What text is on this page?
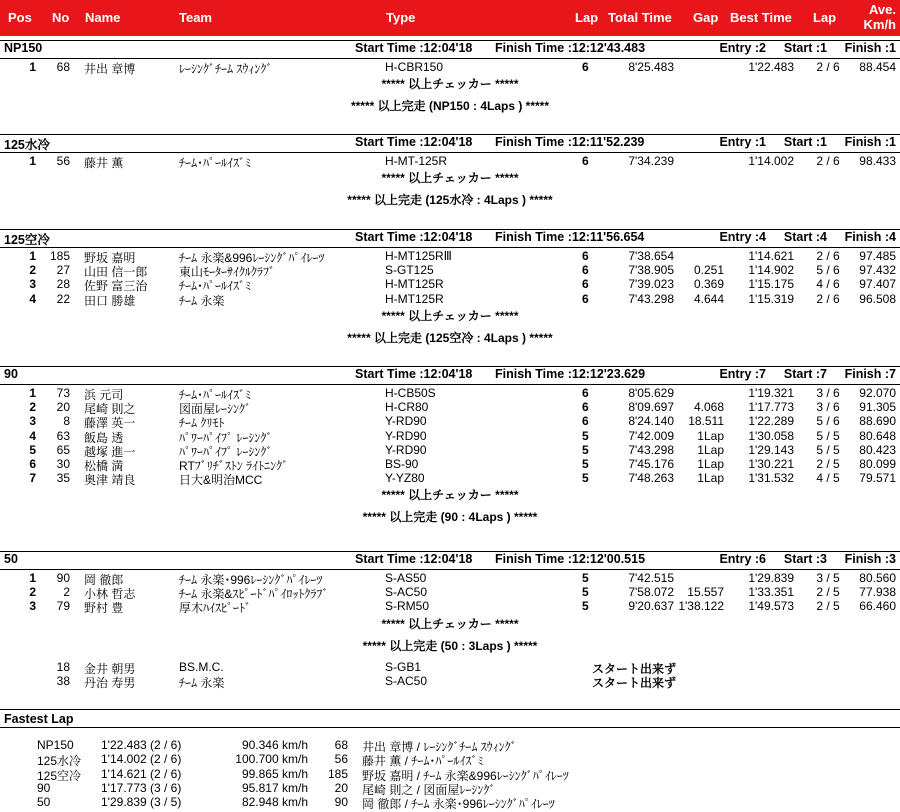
Pos No Name	Team	Type	Lap Total Time Gap Best Time Lap
Ave.
Km/h
NP150	Start Time :12:04'18 Finish Time :12:12'43.483	Entry :2 Start :1 Finish :1
1	68 井出 章博	ﾚｰｼﾝｸﾞﾁｰﾑ ｽｳｨﾝｸﾞ	H-CBR150	6	8'25.483	1'22.483	2 / 6	88.454
***** 以上チェッカー *****
***** 以上完走 (NP150 : 4Laps ) *****
125水冷	Start Time :12:04'18 Finish Time :12:11'52.239	Entry :1 Start :1 Finish :1
1	56 藤井 薫	ﾁｰﾑ･ﾊﾟｰﾙｲｽﾞﾐ	H-MT-125R	6	7'34.239	1'14.002	2 / 6	98.433
***** 以上チェッカー *****
***** 以上完走 (125水冷 : 4Laps ) *****
125空冷	Start Time :12:04'18 Finish Time :12:11'56.654	Entry :4 Start :4 Finish :4
1	185 野坂 嘉明	ﾁｰﾑ 永楽&996ﾚｰｼﾝｸﾞﾊﾟｲﾚｰﾂ	H-MT125RⅢ	6	7'38.654	1'14.621	2 / 6	97.485
2	27 山田 信一郎	東山ﾓｰﾀｰｻｲｸﾙｸﾗﾌﾞ	S-GT125	6	7'38.905	0.251	1'14.902	5 / 6	97.432
3	28 佐野 富三治	ﾁｰﾑ･ﾊﾟｰﾙｲｽﾞﾐ	H-MT125R	6	7'39.023	0.369	1'15.175	4 / 6	97.407
4	22 田口 勝雄	ﾁｰﾑ 永楽	H-MT125R	6	7'43.298	4.644	1'15.319	2 / 6	96.508
***** 以上チェッカー *****
***** 以上完走 (125空冷 : 4Laps ) *****
90	Start Time :12:04'18 Finish Time :12:12'23.629	Entry :7 Start :7 Finish :7
1	73 浜 元司	ﾁｰﾑ･ﾊﾟｰﾙｲｽﾞﾐ	H-CB50S	6	8'05.629	1'19.321	3 / 6	92.070
2	20 尾崎 則之	図面屋ﾚｰｼﾝｸﾞ	H-CR80	6	8'09.697	4.068	1'17.773	3 / 6	91.305
3	8 藤澤 英一	ﾁｰﾑ ｸﾘﾓﾄ	Y-RD90	6	8'24.140	18.511	1'22.289	5 / 6	88.690
4	63 飯島 透	ﾊﾟﾜｰﾊﾟｲﾌﾟ ﾚｰｼﾝｸﾞ	Y-RD90	5	7'42.009	1Lap	1'30.058	5 / 5	80.648
5	65 越塚 進一	ﾊﾟﾜｰﾊﾟｲﾌﾟ ﾚｰｼﾝｸﾞ	Y-RD90	5	7'43.298	1Lap	1'29.143	5 / 5	80.423
6	30 松橋 満	RTﾌﾞﾘﾁﾞｽﾄﾝ ﾗｲﾄﾆﾝｸﾞ	BS-90	5	7'45.176	1Lap	1'30.221	2 / 5	80.099
7	35 奥津 靖良	日大&明治MCC	Y-YZ80	5	7'48.263	1Lap	1'31.532	4 / 5	79.571
***** 以上チェッカー *****
***** 以上完走 (90 : 4Laps ) *****
50	Start Time :12:04'18 Finish Time :12:12'00.515	Entry :6 Start :3 Finish :3
1	90 岡 徹郎	ﾁｰﾑ 永楽･996ﾚｰｼﾝｸﾞﾊﾟｲﾚｰﾂ	S-AS50	5	7'42.515	1'29.839	3 / 5	80.560
2	2 小林 哲志	ﾁｰﾑ 永楽&ｽﾋﾟｰﾄﾞﾊﾟｲﾛｯﾄｸﾗﾌﾞ	S-AC50	5	7'58.072	15.557	1'33.351	2 / 5	77.938
3	79 野村 豊	厚木ﾊｲｽﾋﾟｰﾄﾞ	S-RM50	5	9'20.637 1'38.122	1'49.573	2 / 5	66.460
***** 以上チェッカー *****
***** 以上完走 (50 : 3Laps ) *****
18 金井 朝男	BS.M.C.	S-GB1	スタート出来ず
38 丹治 寿男	ﾁｰﾑ 永楽	S-AC50	スタート出来ず
Fastest Lap
NP150 1'22.483 (2 / 6)	90.346 km/h	68 井出 章博 / ﾚｰｼﾝｸﾞﾁｰﾑ ｽｳｨﾝｸﾞ
125水冷 1'14.002 (2 / 6)	100.700 km/h	56 藤井 薫 / ﾁｰﾑ･ﾊﾟｰﾙｲｽﾞﾐ
125空冷 1'14.621 (2 / 6)	99.865 km/h	185 野坂 嘉明 / ﾁｰﾑ 永楽&996ﾚｰｼﾝｸﾞﾊﾟｲﾚｰﾂ
90	1'17.773 (3 / 6)	95.817 km/h	20 尾崎 則之 / 図面屋ﾚｰｼﾝｸﾞ
50	1'29.839 (3 / 5)	82.948 km/h	90 岡 徹郎 / ﾁｰﾑ 永楽･996ﾚｰｼﾝｸﾞﾊﾟｲﾚｰﾂ
